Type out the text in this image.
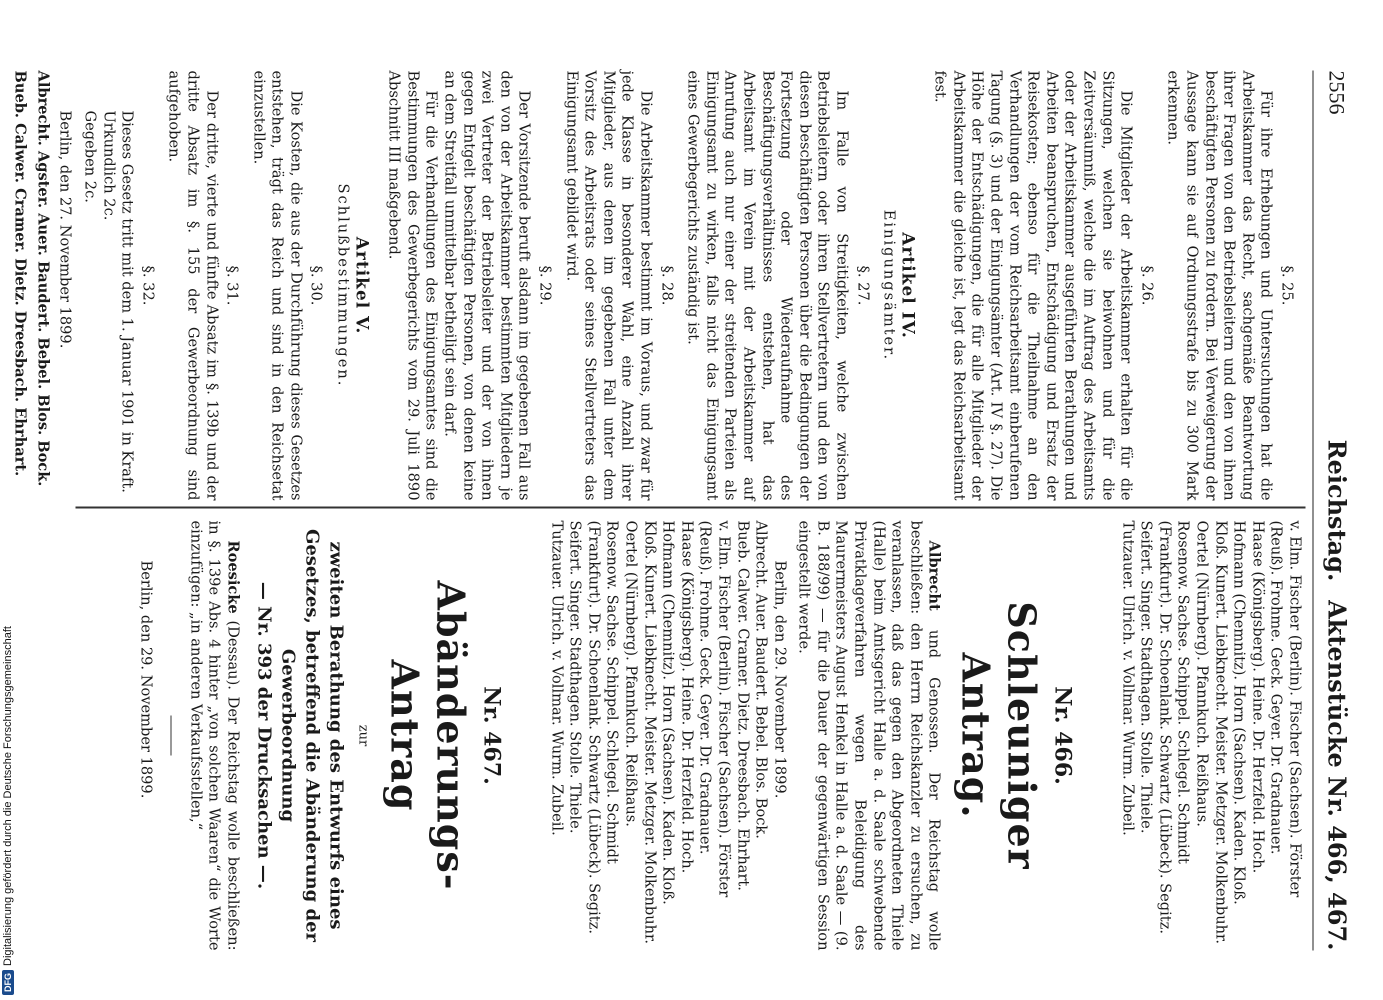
2556
Reichstag.
Aktenstücke Nr. 466, 467.

§. 25.

Für ihre Erhebungen und Untersuchungen hat die Arbeitskammer das Recht, sachgemäße Beantwortung ihrer Fragen von den Betriebsleitern und den von ihnen beschäftigten Personen zu fordern. Bei Verweigerung der Aussage kann sie auf Ordnungsstrafe bis zu 300 Mark erkennen.

§. 26.

Die Mitglieder der Arbeitskammer erhalten für die Sitzungen, welchen sie beiwohnen und für die Zeitversäumniß, welche die im Auftrag des Arbeitsamts oder der Arbeitskammer ausgeführten Berathungen und Arbeiten beanspruchen, Entschädigung und Ersatz der Reisekosten; ebenso für die Theilnahme an den Verhandlungen der vom Reichsarbeitsamt einberufenen Tagung (§. 3) und der Einigungsämter (Art. IV §. 27). Die Höhe der Entschädigungen, die für alle Mitglieder der Arbeitskammer die gleiche ist, legt das Reichsarbeitsamt fest.

Artikel IV.

Einigungsämter.

§. 27.

Im Falle von Streitigkeiten, welche zwischen Betriebsleitern oder ihren Stellvertretern und den von diesen beschäftigten Personen über die Bedingungen der Fortsetzung oder Wiederaufnahme des Beschäftigungsverhältnisses entstehen, hat das Arbeitsamt im Verein mit der Arbeitskammer auf Anrufung auch nur einer der streitenden Parteien als Einigungsamt zu wirken, falls nicht das Einigungsamt eines Gewerbegerichts zuständig ist.

§. 28.

Die Arbeitskammer bestimmt im Voraus, und zwar für jede Klasse in besonderer Wahl, eine Anzahl ihrer Mitglieder, aus denen im gegebenen Fall unter dem Vorsitz des Arbeitsrats oder seines Stellvertreters das Einigungsamt gebildet wird.

§. 29.

Der Vorsitzende beruft alsdann im gegebenen Fall aus den von der Arbeitskammer bestimmten Mitgliedern je zwei Vertreter der Betriebsleiter und der von ihnen gegen Entgelt beschäftigten Personen, von denen keine an dem Streitfall unmittelbar betheiligt sein darf.

Für die Verhandlungen des Einigungsamtes sind die Bestimmungen des Gewerbegerichts vom 29. Juli 1890 Abschnitt III maßgebend.

Artikel V.

Schlußbestimmungen.

§. 30.

Die Kosten, die aus der Durchführung dieses Gesetzes entstehen, trägt das Reich und sind in den Reichsetat einzustellen.

§. 31.

Der dritte, vierte und fünfte Absatz im §. 139b und der dritte Absatz im §. 155 der Gewerbeordnung sind aufgehoben.

§. 32.

Dieses Gesetz tritt mit dem 1. Januar 1901 in Kraft.

Urkundlich 2c.

Gegeben 2c.

Berlin, den 27. November 1899.

Albrecht. Agster. Auer. Baudert. Bebel. Blos. Bock.

Bueb. Calwer. Cramer. Dietz. Dreesbach. Ehrhart.

v. Elm. Fischer (Berlin). Fischer (Sachsen). Förster

(Reuß). Frohme. Geck. Geyer. Dr. Gradnauer.

Haase (Königsberg). Heine. Dr. Herzfeld. Hoch.

Hofmann (Chemnitz). Horn (Sachsen). Kaden. Kloß.

Kloß. Kunert. Liebknecht. Meister. Metzger. Molkenbuhr.

Oertel (Nürnberg). Pfannkuch. Reißhaus.

Rosenow. Sachse. Schippel. Schlegel. Schmidt

(Frankfurt). Dr. Schoenlank. Schwartz (Lübeck). Segitz.

Seifert. Singer. Stadthagen. Stolle. Thiele.

Tutzauer. Ulrich. v. Vollmar. Wurm. Zubeil.

Nr. 466.

Schleuniger Antrag.

Albrecht und Genossen. Der Reichstag wolle beschließen: den Herrn Reichskanzler zu ersuchen, zu veranlassen, daß das gegen den Abgeordneten Thiele (Halle) beim Amtsgericht Halle a. d. Saale schwebende Privatklageverfahren wegen Beleidigung des Maurermeisters August Henkel in Halle a. d. Saale — (9. B. 188/99) — für die Dauer der gegenwärtigen Session eingestellt werde.

Berlin, den 29. November 1899.

Albrecht. Auer. Baudert. Bebel. Blos. Bock.

Bueb. Calwer. Cramer. Dietz. Dreesbach. Ehrhart.

v. Elm. Fischer (Berlin). Fischer (Sachsen). Förster

(Reuß). Frohme. Geck. Geyer. Dr. Gradnauer.

Haase (Königsberg). Heine. Dr. Herzfeld. Hoch.

Hofmann (Chemnitz). Horn (Sachsen). Kaden. Kloß.

Kloß. Kunert. Liebknecht. Meister. Metzger. Molkenbuhr.

Oertel (Nürnberg). Pfannkuch. Reißhaus.

Rosenow. Sachse. Schippel. Schlegel. Schmidt

(Frankfurt). Dr. Schoenlank. Schwartz (Lübeck). Segitz.

Seifert. Singer. Stadthagen. Stolle. Thiele.

Tutzauer. Ulrich. v. Vollmar. Wurm. Zubeil.

Nr. 467.

Abänderungs-Antrag

zur

zweiten Berathung des Entwurfs eines Gesetzes, betreffend die Abänderung der Gewerbeordnung

— Nr. 393 der Drucksachen —.

Roesicke (Dessau). Der Reichstag wolle beschließen: in §. 139e Abs. 4 hinter „von solchen Waaren“ die Worte einzufügen: „in anderen Verkaufsstellen,“

Berlin, den 29. November 1899.

DFG
Digitalisierung gefördert durch die Deutsche Forschungsgemeinschaft
